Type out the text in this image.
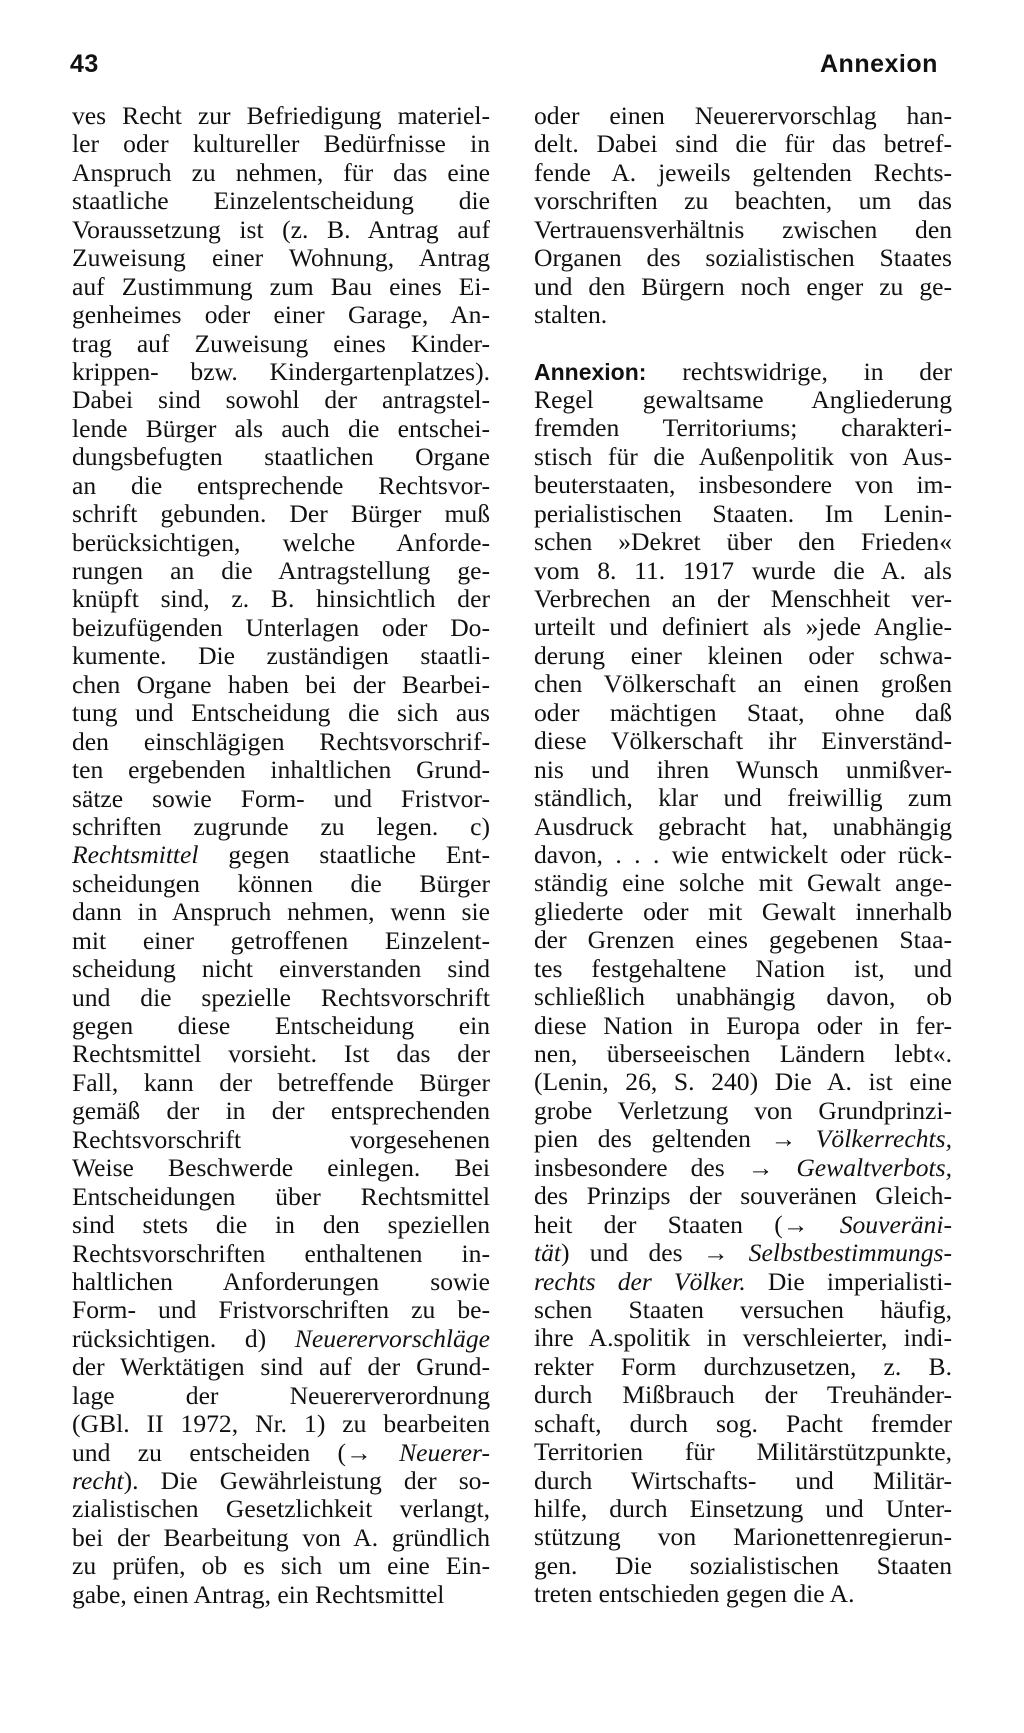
43	Annexion
ves Recht zur Befriedigung materiel-
ler oder kultureller Bedürfnisse in
Anspruch zu nehmen, für das eine
staatliche Einzelentscheidung die
Voraussetzung ist (z. B. Antrag auf
Zuweisung einer Wohnung, Antrag
auf Zustimmung zum Bau eines Ei-
genheimes oder einer Garage, An-
trag auf Zuweisung eines Kinder-
krippen- bzw. Kindergartenplatzes).
Dabei sind sowohl der antragstel-
lende Bürger als auch die entschei-
dungsbefugten staatlichen Organe
an die entsprechende Rechtsvor-
schrift gebunden. Der Bürger muß
berücksichtigen, welche Anforde-
rungen an die Antragstellung ge-
knüpft sind, z. B. hinsichtlich der
beizufügenden Unterlagen oder Do-
kumente. Die zuständigen staatli-
chen Organe haben bei der Bearbei-
tung und Entscheidung die sich aus
den einschlägigen Rechtsvorschrif-
ten ergebenden inhaltlichen Grund-
sätze sowie Form- und Fristvor-
schriften zugrunde zu legen. c)
Rechtsmittel gegen staatliche Ent-
scheidungen können die Bürger
dann in Anspruch nehmen, wenn sie
mit einer getroffenen Einzelent-
scheidung nicht einverstanden sind
und die spezielle Rechtsvorschrift
gegen diese Entscheidung ein
Rechtsmittel vorsieht. Ist das der
Fall, kann der betreffende Bürger
gemäß der in der entsprechenden
Rechtsvorschrift vorgesehenen
Weise Beschwerde einlegen. Bei
Entscheidungen über Rechtsmittel
sind stets die in den speziellen
Rechtsvorschriften enthaltenen in-
haltlichen Anforderungen sowie
Form- und Fristvorschriften zu be-
rücksichtigen. d) Neuerervorschläge
der Werktätigen sind auf der Grund-
lage der Neuererverordnung
(GBl. II 1972, Nr. 1) zu bearbeiten
und zu entscheiden (→ Neuerer-
recht). Die Gewährleistung der so-
zialistischen Gesetzlichkeit verlangt,
bei der Bearbeitung von A. gründlich
zu prüfen, ob es sich um eine Ein-
gabe, einen Antrag, ein Rechtsmittel
oder einen Neuerervorschlag han-
delt. Dabei sind die für das betref-
fende A. jeweils geltenden Rechts-
vorschriften zu beachten, um das
Vertrauensverhältnis zwischen den
Organen des sozialistischen Staates
und den Bürgern noch enger zu ge-
stalten.
Annexion: rechtswidrige, in der
Regel gewaltsame Angliederung
fremden Territoriums; charakteri-
stisch für die Außenpolitik von Aus-
beuterstaaten, insbesondere von im-
perialistischen Staaten. Im Lenin-
schen »Dekret über den Frieden«
vom 8. 11. 1917 wurde die A. als
Verbrechen an der Menschheit ver-
urteilt und definiert als »jede Anglie-
derung einer kleinen oder schwa-
chen Völkerschaft an einen großen
oder mächtigen Staat, ohne daß
diese Völkerschaft ihr Einverständ-
nis und ihren Wunsch unmißver-
ständlich, klar und freiwillig zum
Ausdruck gebracht hat, unabhängig
davon, . . . wie entwickelt oder rück-
ständig eine solche mit Gewalt ange-
gliederte oder mit Gewalt innerhalb
der Grenzen eines gegebenen Staa-
tes festgehaltene Nation ist, und
schließlich unabhängig davon, ob
diese Nation in Europa oder in fer-
nen, überseeischen Ländern lebt«.
(Lenin, 26, S. 240) Die A. ist eine
grobe Verletzung von Grundprinzi-
pien des geltenden → Völkerrechts,
insbesondere des → Gewaltverbots,
des Prinzips der souveränen Gleich-
heit der Staaten (→ Souveräni-
tät) und des → Selbstbestimmungs-
rechts der Völker. Die imperialisti-
schen Staaten versuchen häufig,
ihre A.spolitik in verschleierter, indi-
rekter Form durchzusetzen, z. B.
durch Mißbrauch der Treuhänder-
schaft, durch sog. Pacht fremder
Territorien für Militärstützpunkte,
durch Wirtschafts- und Militär-
hilfe, durch Einsetzung und Unter-
stützung von Marionettenregierun-
gen. Die sozialistischen Staaten
treten entschieden gegen die A.
